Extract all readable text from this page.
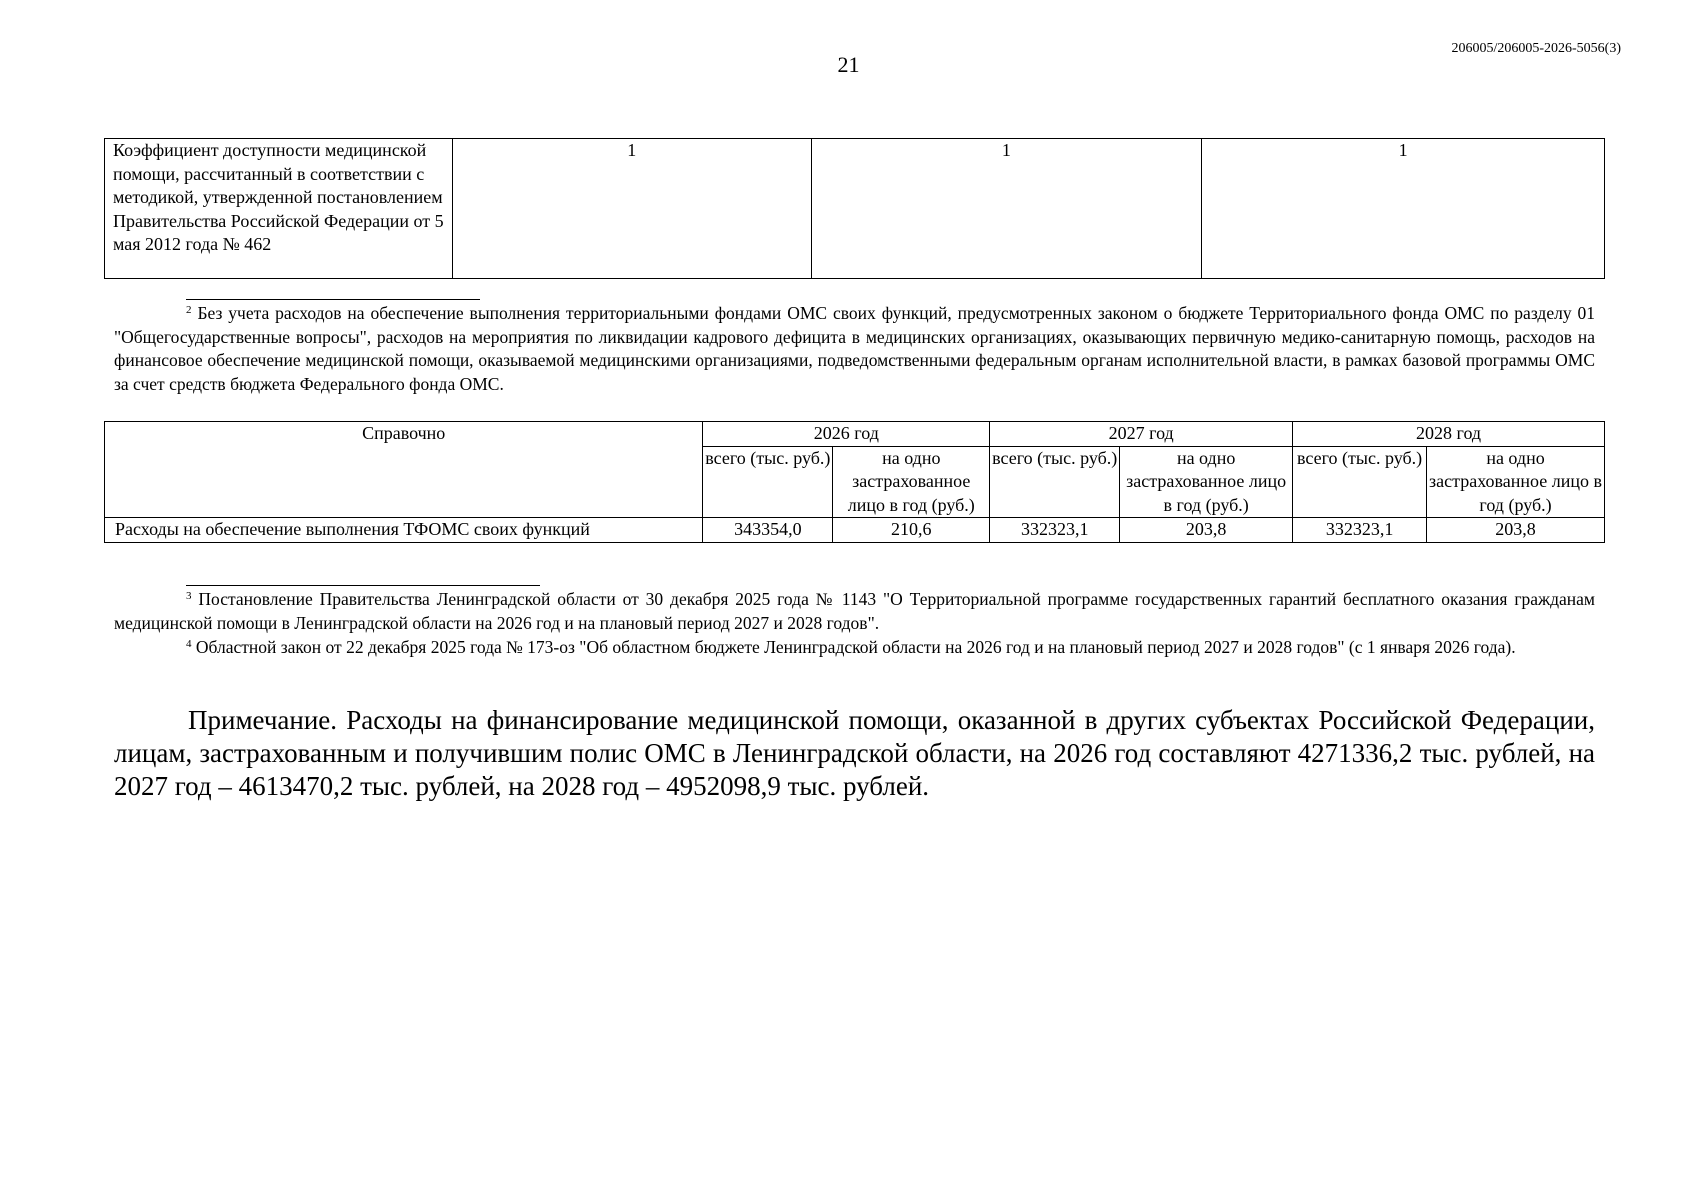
21
206005/206005-2026-5056(3)
Коэффициент доступности медицинской помощи, рассчитанный в соответствии с методикой, утвержденной постановлением Правительства Российской Федерации от 5 мая 2012 года № 462	1	1	1

$^2$ Без учета расходов на обеспечение выполнения территориальными фондами ОМС своих функций, предусмотренных законом о бюджете Территориального фонда ОМС по разделу 01 "Общегосударственные вопросы", расходов на мероприятия по ликвидации кадрового дефицита в медицинских организациях, оказывающих первичную медико-санитарную помощь, расходов на финансовое обеспечение медицинской помощи, оказываемой медицинскими организациями, подведомственными федеральным органам исполнительной власти, в рамках базовой программы ОМС за счет средств бюджета Федерального фонда ОМС.

Справочно	2026 год		2027 год		2028 год	
	всего (тыс. руб.)	на одно застрахованное лицо в год (руб.)	всего (тыс. руб.)	на одно застрахованное лицо в год (руб.)	всего (тыс. руб.)	на одно застрахованное лицо в год (руб.)
Расходы на обеспечение выполнения ТФОМС своих функций	343354,0	210,6	332323,1	203,8	332323,1	203,8

$^3$ Постановление Правительства Ленинградской области от 30 декабря 2025 года № 1143 "О Территориальной программе государственных гарантий бесплатного оказания гражданам медицинской помощи в Ленинградской области на 2026 год и на плановый период 2027 и 2028 годов".

$^4$ Областной закон от 22 декабря 2025 года № 173-оз "Об областном бюджете Ленинградской области на 2026 год и на плановый период 2027 и 2028 годов" (с 1 января 2026 года).

Примечание. Расходы на финансирование медицинской помощи, оказанной в других субъектах Российской Федерации, лицам, застрахованным и получившим полис ОМС в Ленинградской области, на 2026 год составляют 4271336,2 тыс. рублей, на 2027 год – 4613470,2 тыс. рублей, на 2028 год – 4952098,9 тыс. рублей.
